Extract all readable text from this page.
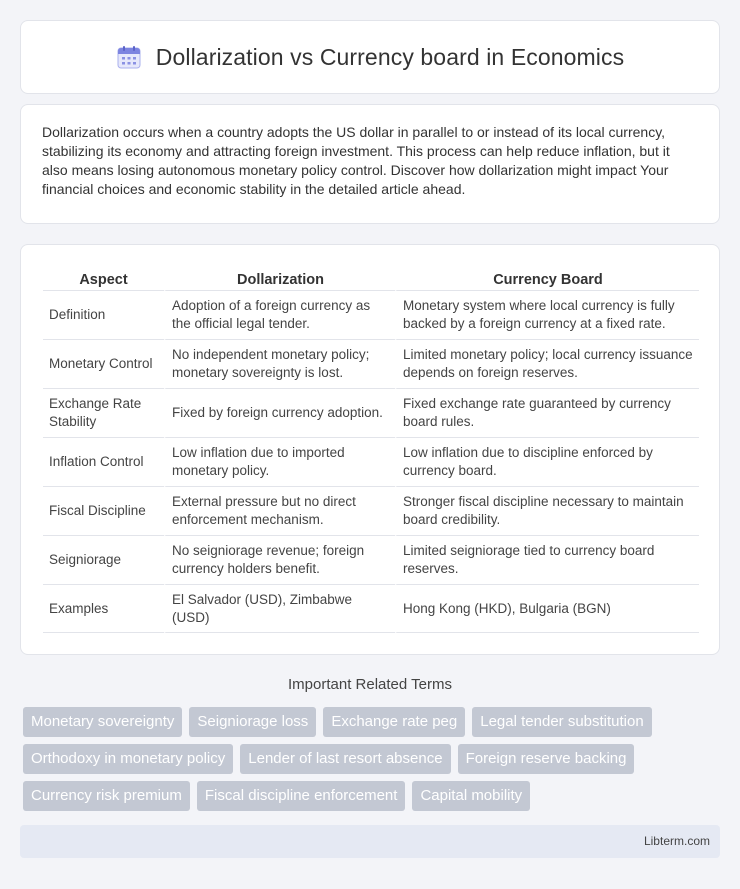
Dollarization vs Currency board in Economics

Dollarization occurs when a country adopts the US dollar in parallel to or instead of its local currency, stabilizing its economy and attracting foreign investment. This process can help reduce inflation, but it also means losing autonomous monetary policy control. Discover how dollarization might impact Your financial choices and economic stability in the detailed article ahead.

Aspect	Dollarization	Currency Board
Definition	Adoption of a foreign currency as the official legal tender.	Monetary system where local currency is fully backed by a foreign currency at a fixed rate.
Monetary Control	No independent monetary policy; monetary sovereignty is lost.	Limited monetary policy; local currency issuance depends on foreign reserves.
Exchange Rate Stability	Fixed by foreign currency adoption.	Fixed exchange rate guaranteed by currency board rules.
Inflation Control	Low inflation due to imported monetary policy.	Low inflation due to discipline enforced by currency board.
Fiscal Discipline	External pressure but no direct enforcement mechanism.	Stronger fiscal discipline necessary to maintain board credibility.
Seigniorage	No seigniorage revenue; foreign currency holders benefit.	Limited seigniorage tied to currency board reserves.
Examples	El Salvador (USD), Zimbabwe (USD)	Hong Kong (HKD), Bulgaria (BGN)
Important Related Terms
Monetary sovereignty	Seigniorage loss	Exchange rate peg	Legal tender substitution
Orthodoxy in monetary policy	Lender of last resort absence	Foreign reserve backing
Currency risk premium	Fiscal discipline enforcement	Capital mobility
Libterm.com
